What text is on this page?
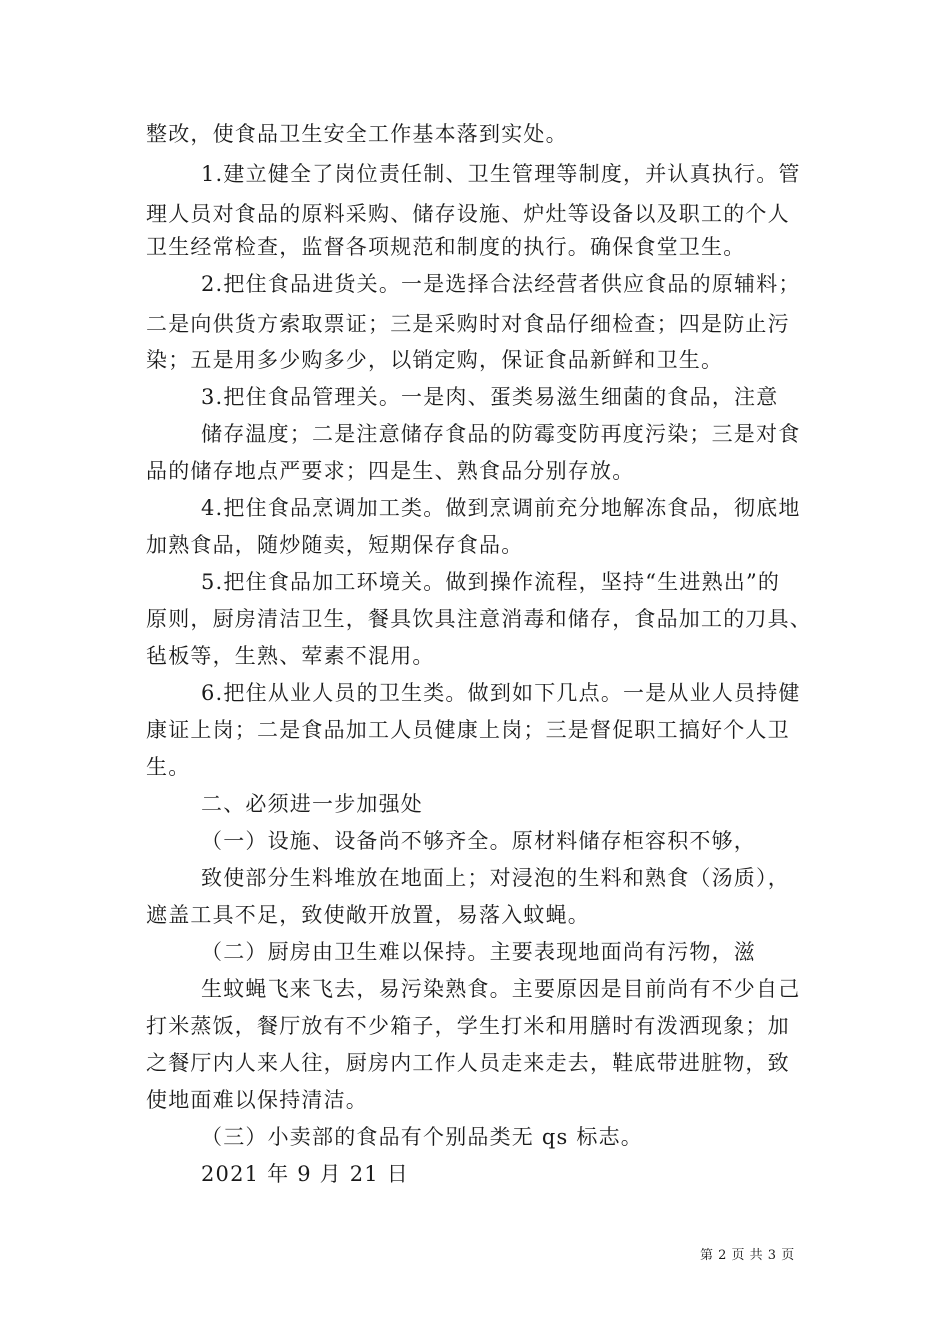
整改，使食品卫生安全工作基本落到实处。
1.建立健全了岗位责任制、卫生管理等制度，并认真执行。管
理人员对食品的原料采购、储存设施、炉灶等设备以及职工的个人
卫生经常检查，监督各项规范和制度的执行。确保食堂卫生。
2.把住食品进货关。一是选择合法经营者供应食品的原辅料；
二是向供货方索取票证；三是采购时对食品仔细检查；四是防止污
染；五是用多少购多少，以销定购，保证食品新鲜和卫生。
3.把住食品管理关。一是肉、蛋类易滋生细菌的食品，注意
储存温度；二是注意储存食品的防霉变防再度污染；三是对食
品的储存地点严要求；四是生、熟食品分别存放。
4.把住食品烹调加工类。做到烹调前充分地解冻食品，彻底地
加熟食品，随炒随卖，短期保存食品。
5.把住食品加工环境关。做到操作流程，坚持“生进熟出”的
原则，厨房清洁卫生，餐具饮具注意消毒和储存，食品加工的刀具、
毡板等，生熟、荤素不混用。
6.把住从业人员的卫生类。做到如下几点。一是从业人员持健
康证上岗；二是食品加工人员健康上岗；三是督促职工搞好个人卫
生。
二、必须进一步加强处
（一）设施、设备尚不够齐全。原材料储存柜容积不够，
致使部分生料堆放在地面上；对浸泡的生料和熟食（汤质），
遮盖工具不足，致使敞开放置，易落入蚊蝇。
（二）厨房由卫生难以保持。主要表现地面尚有污物，滋
生蚊蝇飞来飞去，易污染熟食。主要原因是目前尚有不少自己
打米蒸饭，餐厅放有不少箱子，学生打米和用膳时有泼洒现象；加
之餐厅内人来人往，厨房内工作人员走来走去，鞋底带进脏物，致
使地面难以保持清洁。
（三）小卖部的食品有个别品类无 qs 标志。
2021 年 9 月 21 日
第 2 页 共 3 页
